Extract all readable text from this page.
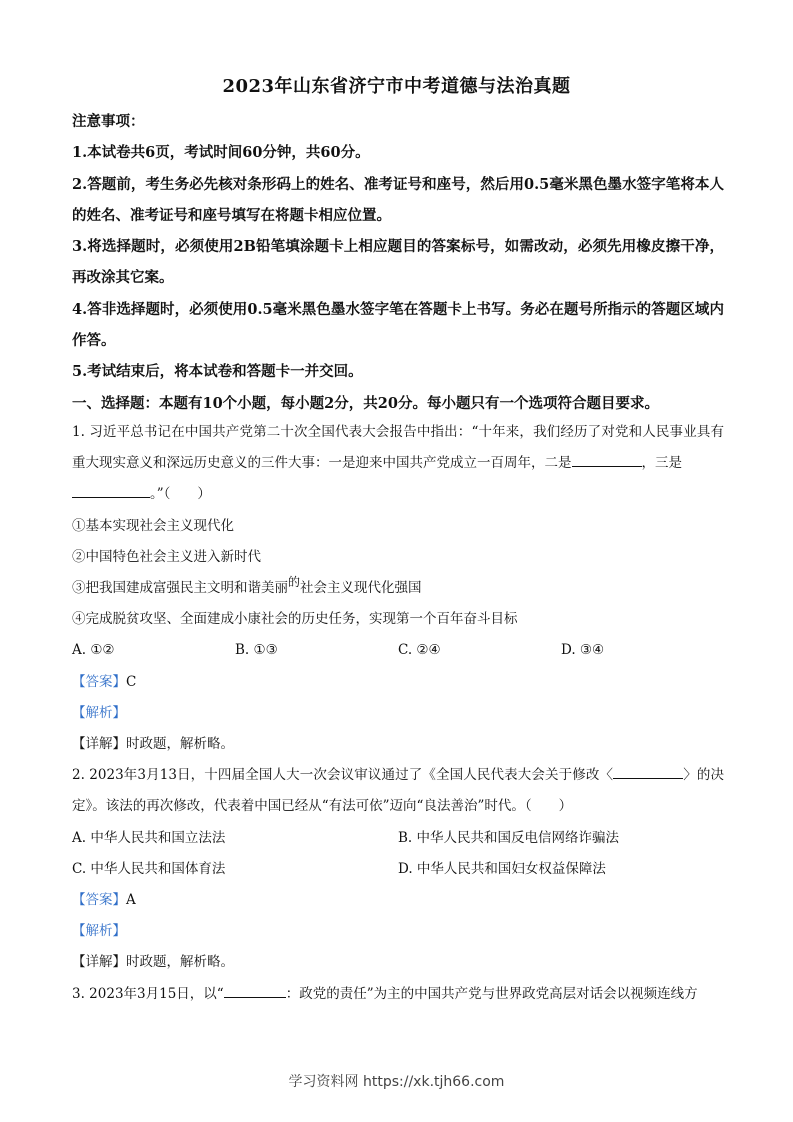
2023年山东省济宁市中考道德与法治真题
注意事项：
1.本试卷共6页，考试时间60分钟，共60分。
2.答题前，考生务必先核对条形码上的姓名、准考证号和座号，然后用0.5毫米黑色墨水签字笔将本人的姓名、准考证号和座号填写在将题卡相应位置。
3.将选择题时，必须使用2B铅笔填涂题卡上相应题目的答案标号，如需改动，必须先用橡皮擦干净，再改涂其它案。
4.答非选择题时，必须使用0.5毫米黑色墨水签字笔在答题卡上书写。务必在题号所指示的答题区域内作答。
5.考试结束后，将本试卷和答题卡一并交回。
一、选择题：本题有10个小题，每小题2分，共20分。每小题只有一个选项符合题目要求。
1. 习近平总书记在中国共产党第二十次全国代表大会报告中指出：“十年来，我们经历了对党和人民事业具有重大现实意义和深远历史意义的三件大事：一是迎来中国共产党成立一百周年，二是	，三是
。”（　　）
①基本实现社会主义现代化
②中国特色社会主义进入新时代
③把我国建成富强民主文明和谐美丽的社会主义现代化强国
④完成脱贫攻坚、全面建成小康社会的历史任务，实现第一个百年奋斗目标
A. ①②	B. ①③	C. ②④	D. ③④
【答案】C
【解析】
【详解】时政题，解析略。
2. 2023年3月13日，十四届全国人大一次会议审议通过了《全国人民代表大会关于修改〈	〉的决定》。该法的再次修改，代表着中国已经从“有法可依”迈向“良法善治”时代。（　　）
A. 中华人民共和国立法法	B. 中华人民共和国反电信网络诈骗法
C. 中华人民共和国体育法	D. 中华人民共和国妇女权益保障法
【答案】A
【解析】
【详解】时政题，解析略。
3. 2023年3月15日，以“	：政党的责任”为主的中国共产党与世界政党高层对话会以视频连线方
学习资料网 https://xk.tjh66.com
